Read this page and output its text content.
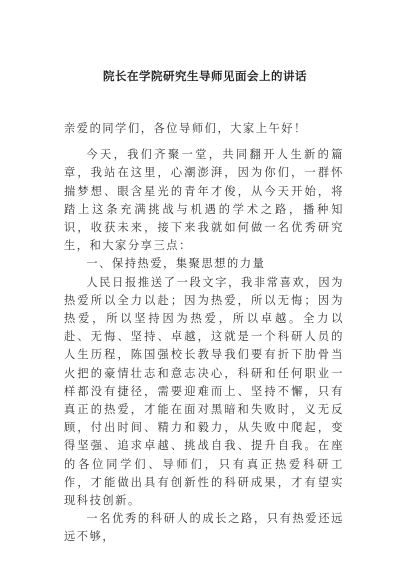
院长在学院研究生导师见面会上的讲话

亲爱的同学们，各位导师们，大家上午好！

今天，我们齐聚一堂，共同翻开人生新的篇章，我站在这里，心潮澎湃，因为你们，一群怀揣梦想、眼含星光的青年才俊，从今天开始，将踏上这条充满挑战与机遇的学术之路，播种知识，收获未来，接下来我就如何做一名优秀研究生，和大家分享三点：

一、保持热爱，集聚思想的力量

人民日报推送了一段文字，我非常喜欢，因为热爱所以全力以赴；因为热爱，所以无悔；因为热爱，所以坚持因为热爱，所以卓越。全力以赴、无悔、坚持、卓越，这就是一个科研人员的人生历程，陈国强校长教导我们要有折下肋骨当火把的豪情壮志和意志决心，科研和任何职业一样都没有捷径，需要迎难而上、坚持不懈，只有真正的热爱，才能在面对黑暗和失败时，义无反顾，付出时间、精力和毅力，从失败中爬起，变得坚强、追求卓越、挑战自我、提升自我。在座的各位同学们、导师们，只有真正热爱科研工作，才能做出具有创新性的科研成果，才有望实现科技创新。

一名优秀的科研人的成长之路，只有热爱还远远不够，
